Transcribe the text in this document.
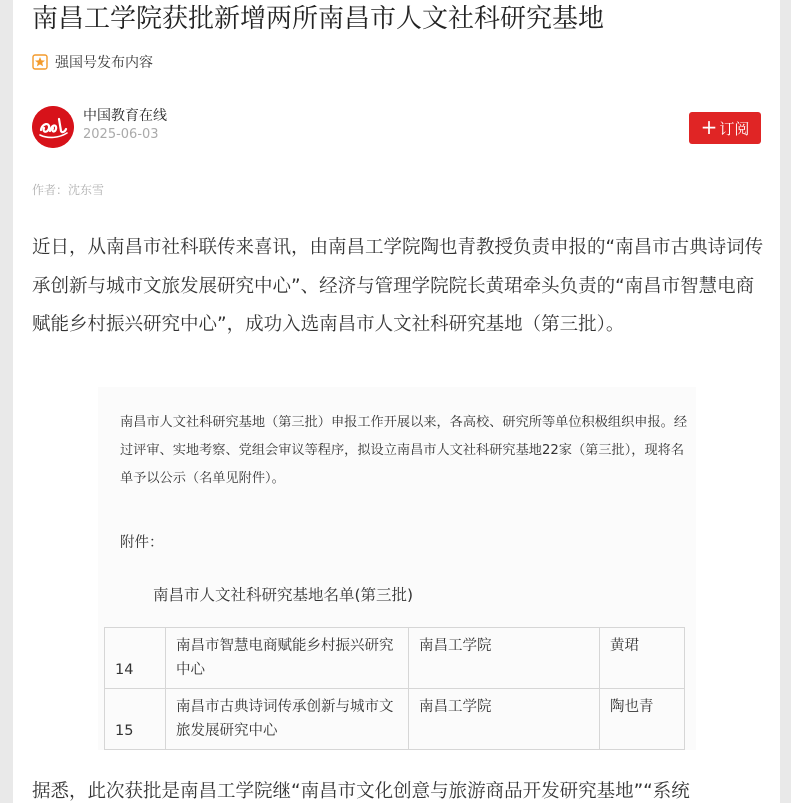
南昌工学院获批新增两所南昌市人文社科研究基地
强国号发布内容
中国教育在线
2025-06-03	+ 订阅
作者：沈东雪

近日，从南昌市社科联传来喜讯，由南昌工学院陶也青教授负责申报的“南昌市古典诗词传承创新与城市文旅发展研究中心”、经济与管理学院院长黄珺牵头负责的“南昌市智慧电商赋能乡村振兴研究中心”，成功入选南昌市人文社科研究基地（第三批）。

南昌市人文社科研究基地（第三批）申报工作开展以来，各高校、研究所等单位积极组织申报。经过评审、实地考察、党组会审议等程序，拟设立南昌市人文社科研究基地22家（第三批），现将名单予以公示（名单见附件）。

附件：
南昌市人文社科研究基地名单(第三批)
14	南昌市智慧电商赋能乡村振兴研究中心	南昌工学院	黄珺
15	南昌市古典诗词传承创新与城市文旅发展研究中心	南昌工学院	陶也青

据悉，此次获批是南昌工学院继“南昌市文化创意与旅游商品开发研究基地”“系统
